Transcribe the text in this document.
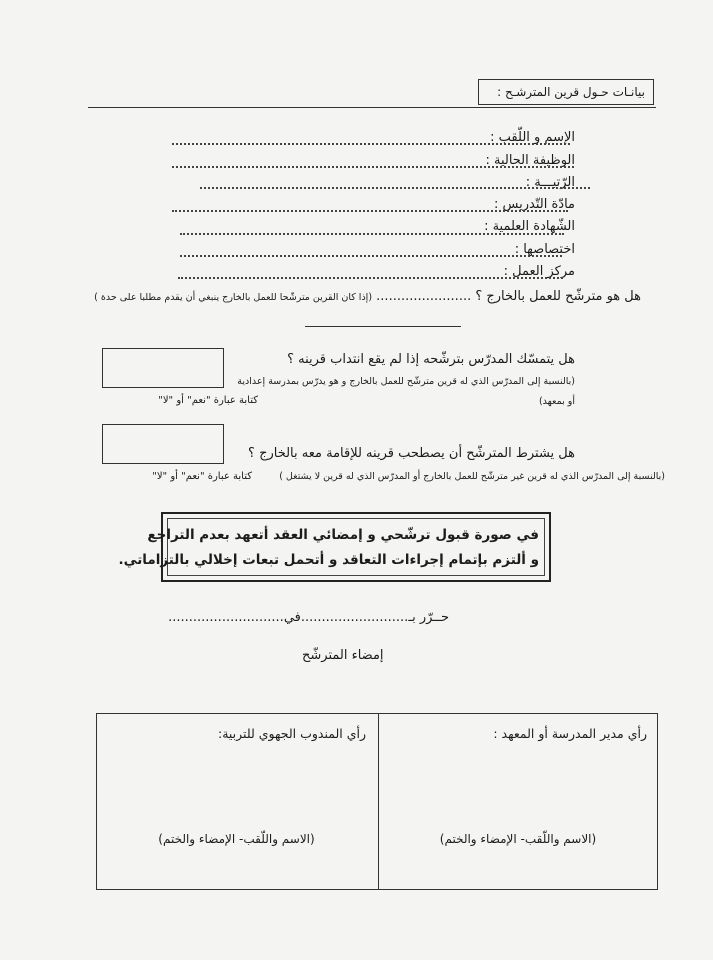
بيانـات حـول قرين المترشـح :
الإسم و اللّقب :
الوظيفة الحالية :
الرّتبـــة :
مادّة التّدريس :
الشّهادة العلمية :
اختصاصها :
مركز العمل :
هل هو مترشّح للعمل بالخارج ؟ ....................... (إذا كان القرين مترشّحا للعمل بالخارج ينبغي أن يقدم مطلبا على حدة )
هل يتمسّك المدرّس بترشّحه إذا لم يقع انتداب قرينه ؟
(بالنسبة إلى المدرّس الذي له قرين مترشّح للعمل بالخارج و هو يدرّس بمدرسة إعدادية
أو بمعهد)
كتابة عبارة "نعم" أو "لا"
هل يشترط المترشّح أن يصطحب قرينه للإقامة معه بالخارج ؟
(بالنسبة إلى المدرّس الذي له قرين غير مترشّح للعمل بالخارج أو المدرّس الذي له قرين لا يشتغل )
كتابة عبارة "نعم" أو "لا"
في صورة قبول ترشّحي و إمضائي العقد أتعهد بعدم التراجع
و ألتزم بإتمام إجراءات التعاقد و أتحمل تبعات إخلالي بالتزاماتي.
حــرّر بـ..........................في............................
إمضاء المترشّح
رأي مدير المدرسة أو المعهد :
(الاسم واللّقب- الإمضاء والختم)
رأي المندوب الجهوي للتربية:
(الاسم واللّقب- الإمضاء والختم)
